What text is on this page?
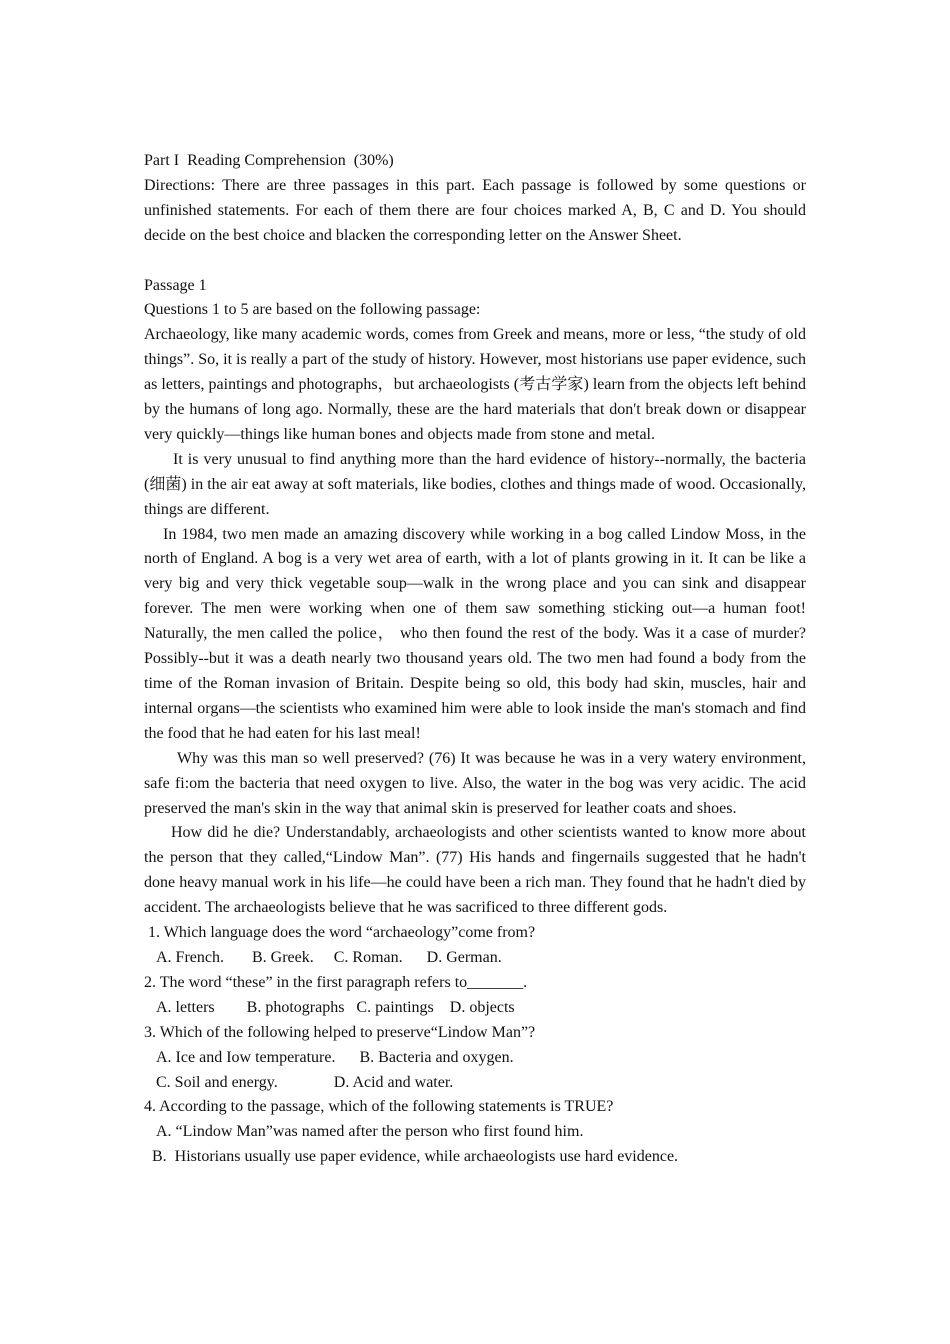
Part I  Reading Comprehension  (30%)

Directions: There are three passages in this part. Each passage is followed by some questions or unfinished statements. For each of them there are four choices marked A, B, C and D. You should decide on the best choice and blacken the corresponding letter on the Answer Sheet.

Passage 1
Questions 1 to 5 are based on the following passage:

Archaeology, like many academic words, comes from Greek and means, more or less, “the study of old things”. So, it is really a part of the study of history. However, most historians use paper evidence, such as letters, paintings and photographs，but archaeologists (考古学家) learn from the objects left behind by the humans of long ago. Normally, these are the hard materials that don't break down or disappear very quickly—things like human bones and objects made from stone and metal.

It is very unusual to find anything more than the hard evidence of history--normally, the bacteria (细菌) in the air eat away at soft materials, like bodies, clothes and things made of wood. Occasionally, things are different.

In 1984, two men made an amazing discovery while working in a bog called Lindow Moss, in the north of England. A bog is a very wet area of earth, with a lot of plants growing in it. It can be like a very big and very thick vegetable soup—walk in the wrong place and you can sink and disappear forever. The men were working when one of them saw something sticking out—a human foot! Naturally, the men called the police， who then found the rest of the body. Was it a case of murder? Possibly--but it was a death nearly two thousand years old. The two men had found a body from the time of the Roman invasion of Britain. Despite being so old, this body had skin, muscles, hair and internal organs—the scientists who examined him were able to look inside the man's stomach and find the food that he had eaten for his last meal!

Why was this man so well preserved? (76) It was because he was in a very watery environment, safe fi:om the bacteria that need oxygen to live. Also, the water in the bog was very acidic. The acid preserved the man's skin in the way that animal skin is preserved for leather coats and shoes.

How did he die? Understandably, archaeologists and other scientists wanted to know more about the person that they called,“Lindow Man”. (77) His hands and fingernails suggested that he hadn't done heavy manual work in his life—he could have been a rich man. They found that he hadn't died by accident. The archaeologists believe that he was sacrificed to three different gods.

1. Which language does the word “archaeology”come from?
A. French.       B. Greek.     C. Roman.      D. German.
2. The word “these” in the first paragraph refers to_______.
A. letters        B. photographs   C. paintings    D. objects
3. Which of the following helped to preserve“Lindow Man”?
A. Ice and Iow temperature.      B. Bacteria and oxygen.
C. Soil and energy.              D. Acid and water.
4. According to the passage, which of the following statements is TRUE?
A. “Lindow Man”was named after the person who first found him.
B.  Historians usually use paper evidence, while archaeologists use hard evidence.
